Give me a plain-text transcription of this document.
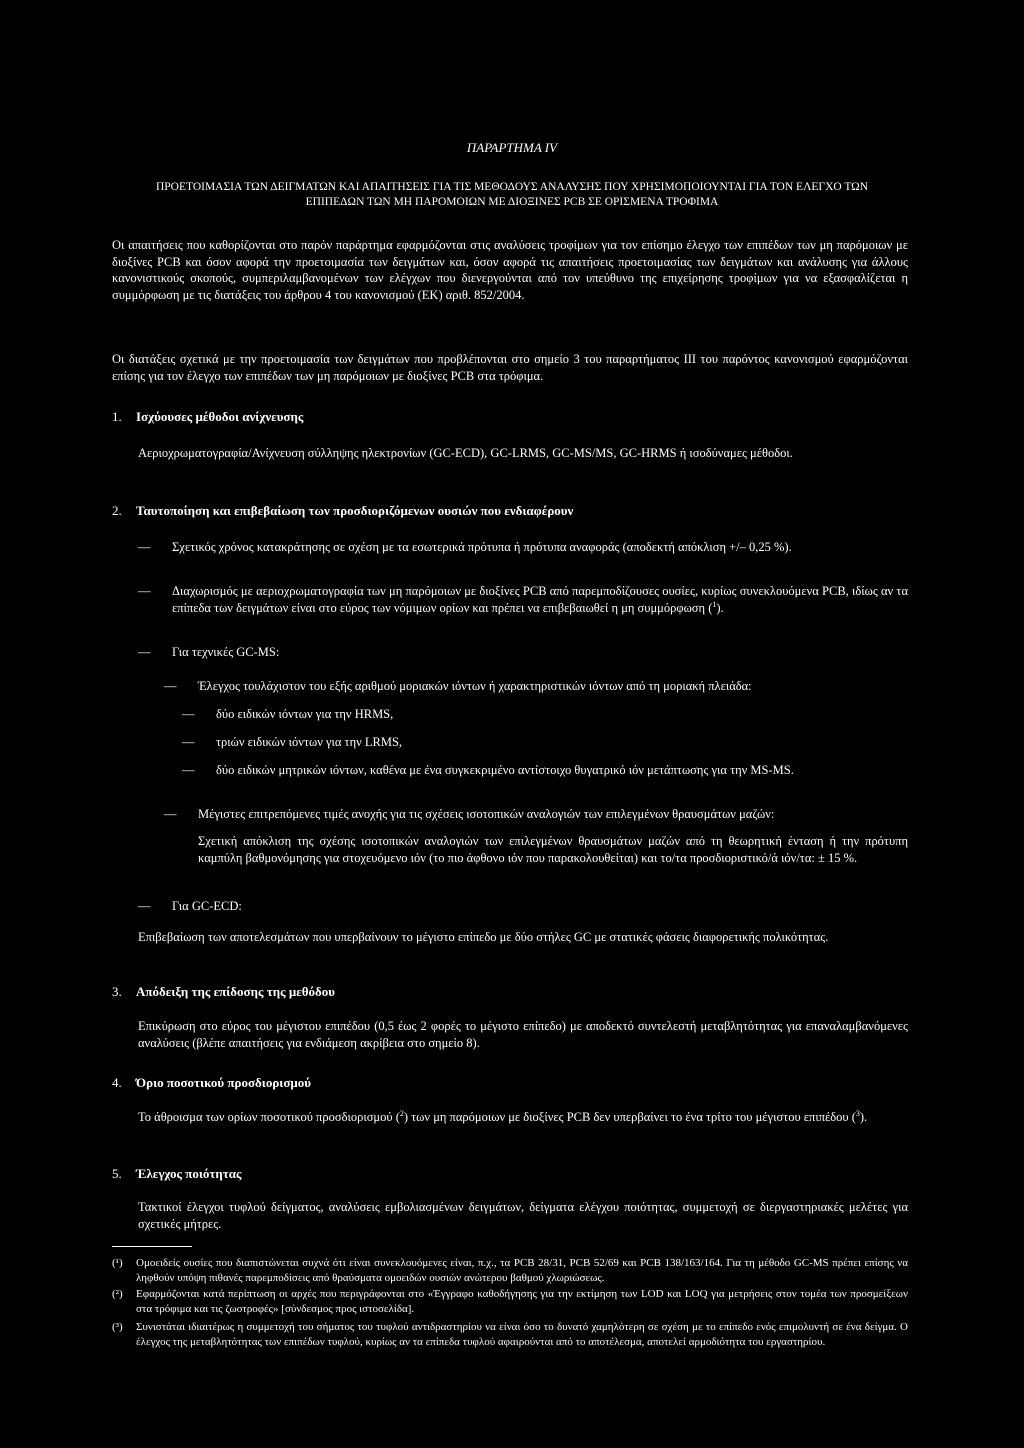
ΠΑΡΑΡΤΗΜΑ IV
ΠΡΟΕΤΟΙΜΑΣΙΑ ΤΩΝ ΔΕΙΓΜΑΤΩΝ ΚΑΙ ΑΠΑΙΤΗΣΕΙΣ ΓΙΑ ΤΙΣ ΜΕΘΟΔΟΥΣ ΑΝΑΛΥΣΗΣ ΠΟΥ ΧΡΗΣΙΜΟΠΟΙΟΥΝΤΑΙ ΓΙΑ ΤΟΝ ΕΛΕΓΧΟ ΤΩΝ ΕΠΙΠΕΔΩΝ ΤΩΝ ΜΗ ΠΑΡΟΜΟΙΩΝ ΜΕ ΔΙΟΞΙΝΕΣ PCB ΣΕ ΟΡΙΣΜΕΝΑ ΤΡΟΦΙΜΑ
Οι απαιτήσεις που καθορίζονται στο παρόν παράρτημα εφαρμόζονται στις αναλύσεις τροφίμων για τον επίσημο έλεγχο των επιπέδων των μη παρόμοιων με διοξίνες PCB και όσον αφορά την προετοιμασία των δειγμάτων και, όσον αφορά τις απαιτήσεις προετοιμασίας των δειγμάτων και ανάλυσης για άλλους κανονιστικούς σκοπούς, συμπεριλαμβανομένων των ελέγχων που διενεργούνται από τον υπεύθυνο της επιχείρησης τροφίμων για να εξασφαλίζεται η συμμόρφωση με τις διατάξεις του άρθρου 4 του κανονισμού (ΕΚ) αριθ. 852/2004.
Οι διατάξεις σχετικά με την προετοιμασία των δειγμάτων που προβλέπονται στο σημείο 3 του παραρτήματος III του παρόντος κανονισμού εφαρμόζονται επίσης για τον έλεγχο των επιπέδων των μη παρόμοιων με διοξίνες PCB στα τρόφιμα.
1. Ισχύουσες μέθοδοι ανίχνευσης
Αεριοχρωματογραφία/Ανίχνευση σύλληψης ηλεκτρονίων (GC-ECD), GC-LRMS, GC-MS/MS, GC-HRMS ή ισοδύναμες μέθοδοι.
2. Ταυτοποίηση και επιβεβαίωση των προσδιοριζόμενων ουσιών που ενδιαφέρουν
—	Σχετικός χρόνος κατακράτησης σε σχέση με τα εσωτερικά πρότυπα ή πρότυπα αναφοράς (αποδεκτή απόκλιση +/– 0,25 %).
—	Διαχωρισμός με αεριοχρωματογραφία των μη παρόμοιων με διοξίνες PCB από παρεμποδίζουσες ουσίες, κυρίως συνεκλουόμενα PCB, ιδίως αν τα επίπεδα των δειγμάτων είναι στο εύρος των νόμιμων ορίων και πρέπει να επιβεβαιωθεί η μη συμμόρφωση ($^1$).
—	Για τεχνικές GC-MS:
—	Έλεγχος τουλάχιστον του εξής αριθμού μοριακών ιόντων ή χαρακτηριστικών ιόντων από τη μοριακή πλειάδα:
—	δύο ειδικών ιόντων για την HRMS,
—	τριών ειδικών ιόντων για την LRMS,
—	δύο ειδικών μητρικών ιόντων, καθένα με ένα συγκεκριμένο αντίστοιχο θυγατρικό ιόν μετάπτωσης για την MS-MS.
—	Μέγιστες επιτρεπόμενες τιμές ανοχής για τις σχέσεις ισοτοπικών αναλογιών των επιλεγμένων θραυσμάτων μαζών:
Σχετική απόκλιση της σχέσης ισοτοπικών αναλογιών των επιλεγμένων θραυσμάτων μαζών από τη θεωρητική ένταση ή την πρότυπη καμπύλη βαθμονόμησης για στοχευόμενο ιόν (το πιο άφθονο ιόν που παρακολουθείται) και το/τα προσδιοριστικό/ά ιόν/τα: ± 15 %.
—	Για GC-ECD:
Επιβεβαίωση των αποτελεσμάτων που υπερβαίνουν το μέγιστο επίπεδο με δύο στήλες GC με στατικές φάσεις διαφορετικής πολικότητας.
3. Απόδειξη της επίδοσης της μεθόδου
Επικύρωση στο εύρος του μέγιστου επιπέδου (0,5 έως 2 φορές το μέγιστο επίπεδο) με αποδεκτό συντελεστή μεταβλητότητας για επαναλαμβανόμενες αναλύσεις (βλέπε απαιτήσεις για ενδιάμεση ακρίβεια στο σημείο 8).
4. Όριο ποσοτικού προσδιορισμού
Το άθροισμα των ορίων ποσοτικού προσδιορισμού ($^2$) των μη παρόμοιων με διοξίνες PCB δεν υπερβαίνει το ένα τρίτο του μέγιστου επιπέδου ($^3$).
5. Έλεγχος ποιότητας
Τακτικοί έλεγχοι τυφλού δείγματος, αναλύσεις εμβολιασμένων δειγμάτων, δείγματα ελέγχου ποιότητας, συμμετοχή σε διεργαστηριακές μελέτες για σχετικές μήτρες.
(¹) Ομοειδείς ουσίες που διαπιστώνεται συχνά ότι είναι συνεκλουόμενες είναι, π.χ., τα PCB 28/31, PCB 52/69 και PCB 138/163/164. Για τη μέθοδο GC-MS πρέπει επίσης να ληφθούν υπόψη πιθανές παρεμποδίσεις από θραύσματα ομοειδών ουσιών ανώτερου βαθμού χλωριώσεως.
(²) Εφαρμόζονται κατά περίπτωση οι αρχές που περιγράφονται στο «Έγγραφο καθοδήγησης για την εκτίμηση των LOD και LOQ για μετρήσεις στον τομέα των προσμείξεων στα τρόφιμα και τις ζωοτροφές» [σύνδεσμος προς ιστοσελίδα].
(³) Συνιστάται ιδιαιτέρως η συμμετοχή του σήματος του τυφλού αντιδραστηρίου να είναι όσο το δυνατό χαμηλότερη σε σχέση με το επίπεδο ενός επιμολυντή σε ένα δείγμα. Ο έλεγχος της μεταβλητότητας των επιπέδων τυφλού, κυρίως αν τα επίπεδα τυφλού αφαιρούνται από το αποτέλεσμα, αποτελεί αρμοδιότητα του εργαστηρίου.
